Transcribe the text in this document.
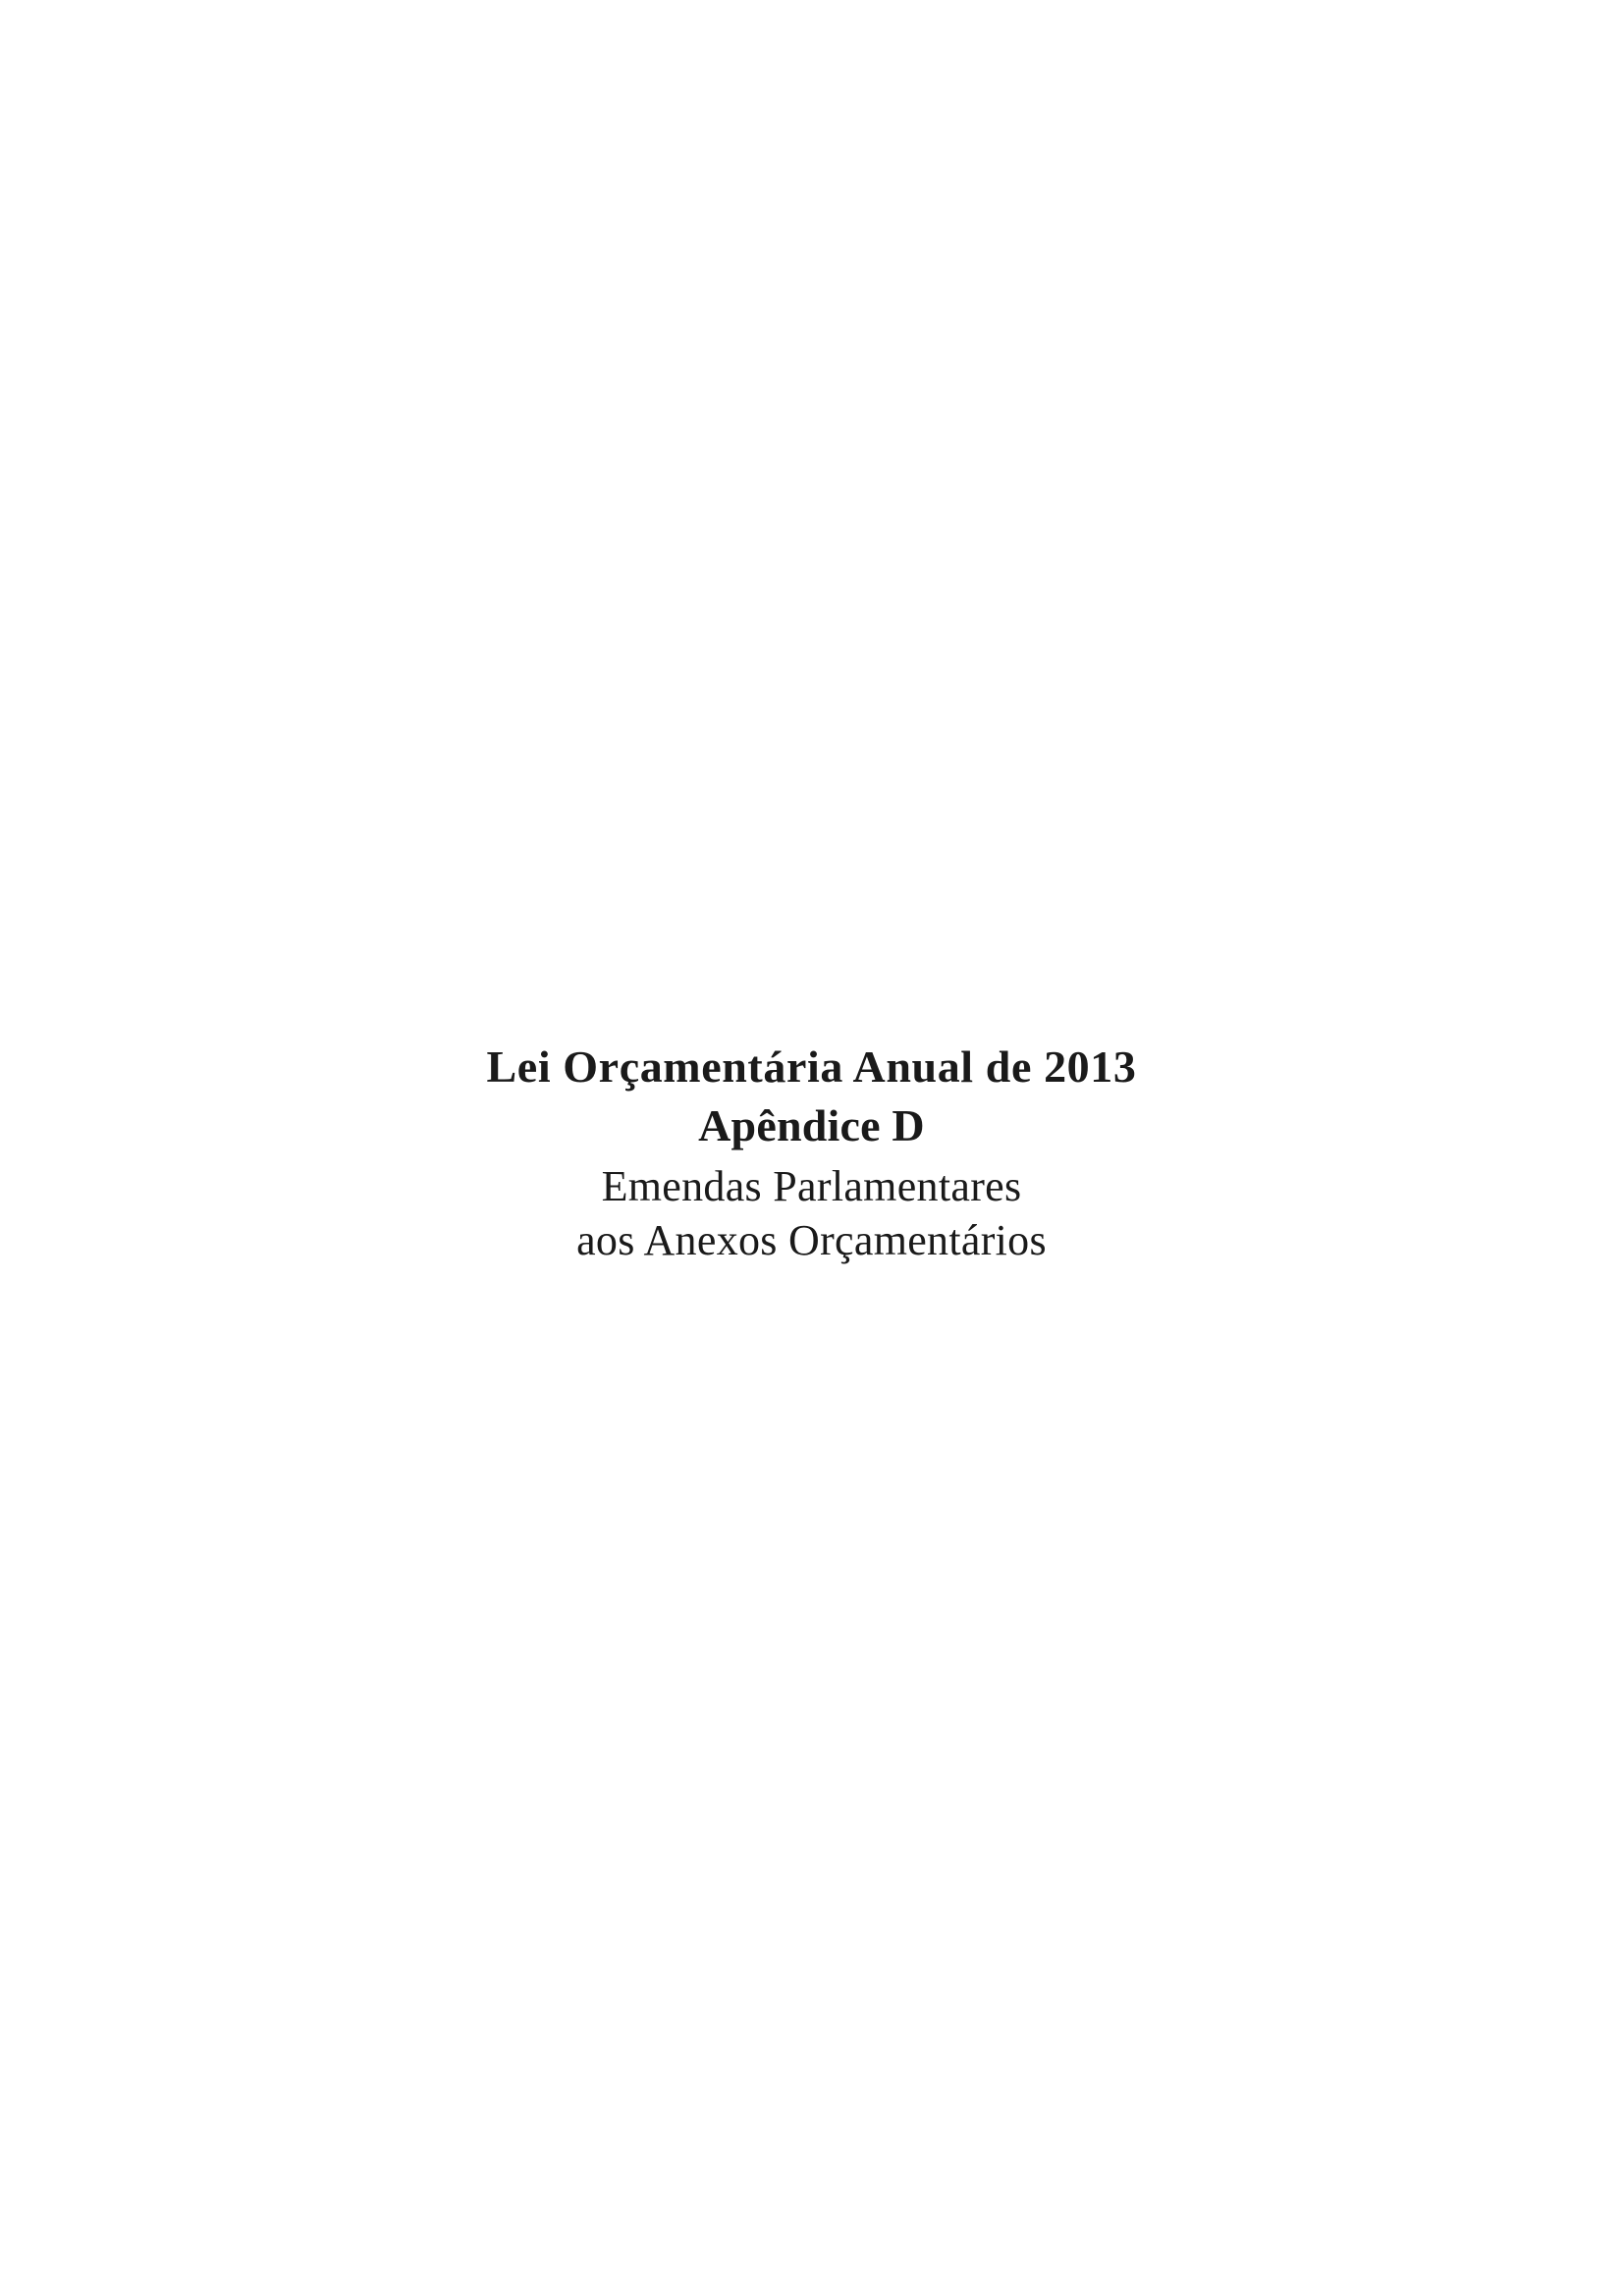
Lei Orçamentária Anual de 2013
Apêndice D
Emendas Parlamentares
aos Anexos Orçamentários
